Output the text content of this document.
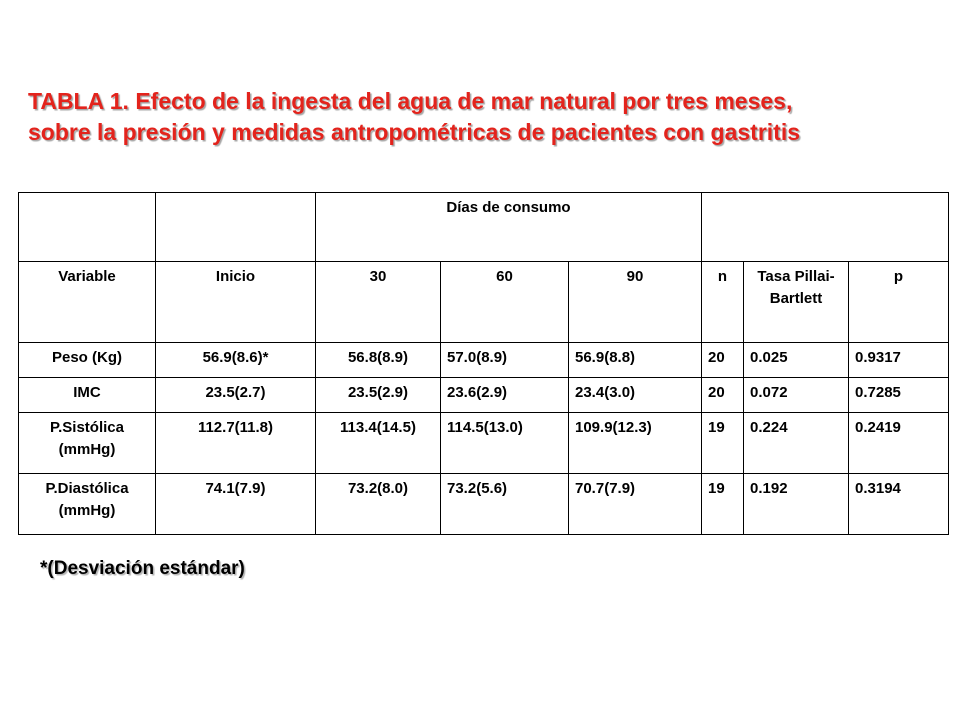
TABLA 1. Efecto de la ingesta del agua de mar natural por tres meses,
sobre la presión y medidas antropométricas de pacientes con gastritis
		Días de consumo					
Variable	Inicio	30	60	90	n	Tasa Pillai-Bartlett	p
Peso (Kg)	56.9(8.6)*	56.8(8.9)	57.0(8.9)	56.9(8.8)	20	0.025	0.9317
IMC	23.5(2.7)	23.5(2.9)	23.6(2.9)	23.4(3.0)	20	0.072	0.7285
P.Sistólica (mmHg)	112.7(11.8)	113.4(14.5)	114.5(13.0)	109.9(12.3)	19	0.224	0.2419
P.Diastólica (mmHg)	74.1(7.9)	73.2(8.0)	73.2(5.6)	70.7(7.9)	19	0.192	0.3194
*(Desviación estándar)
